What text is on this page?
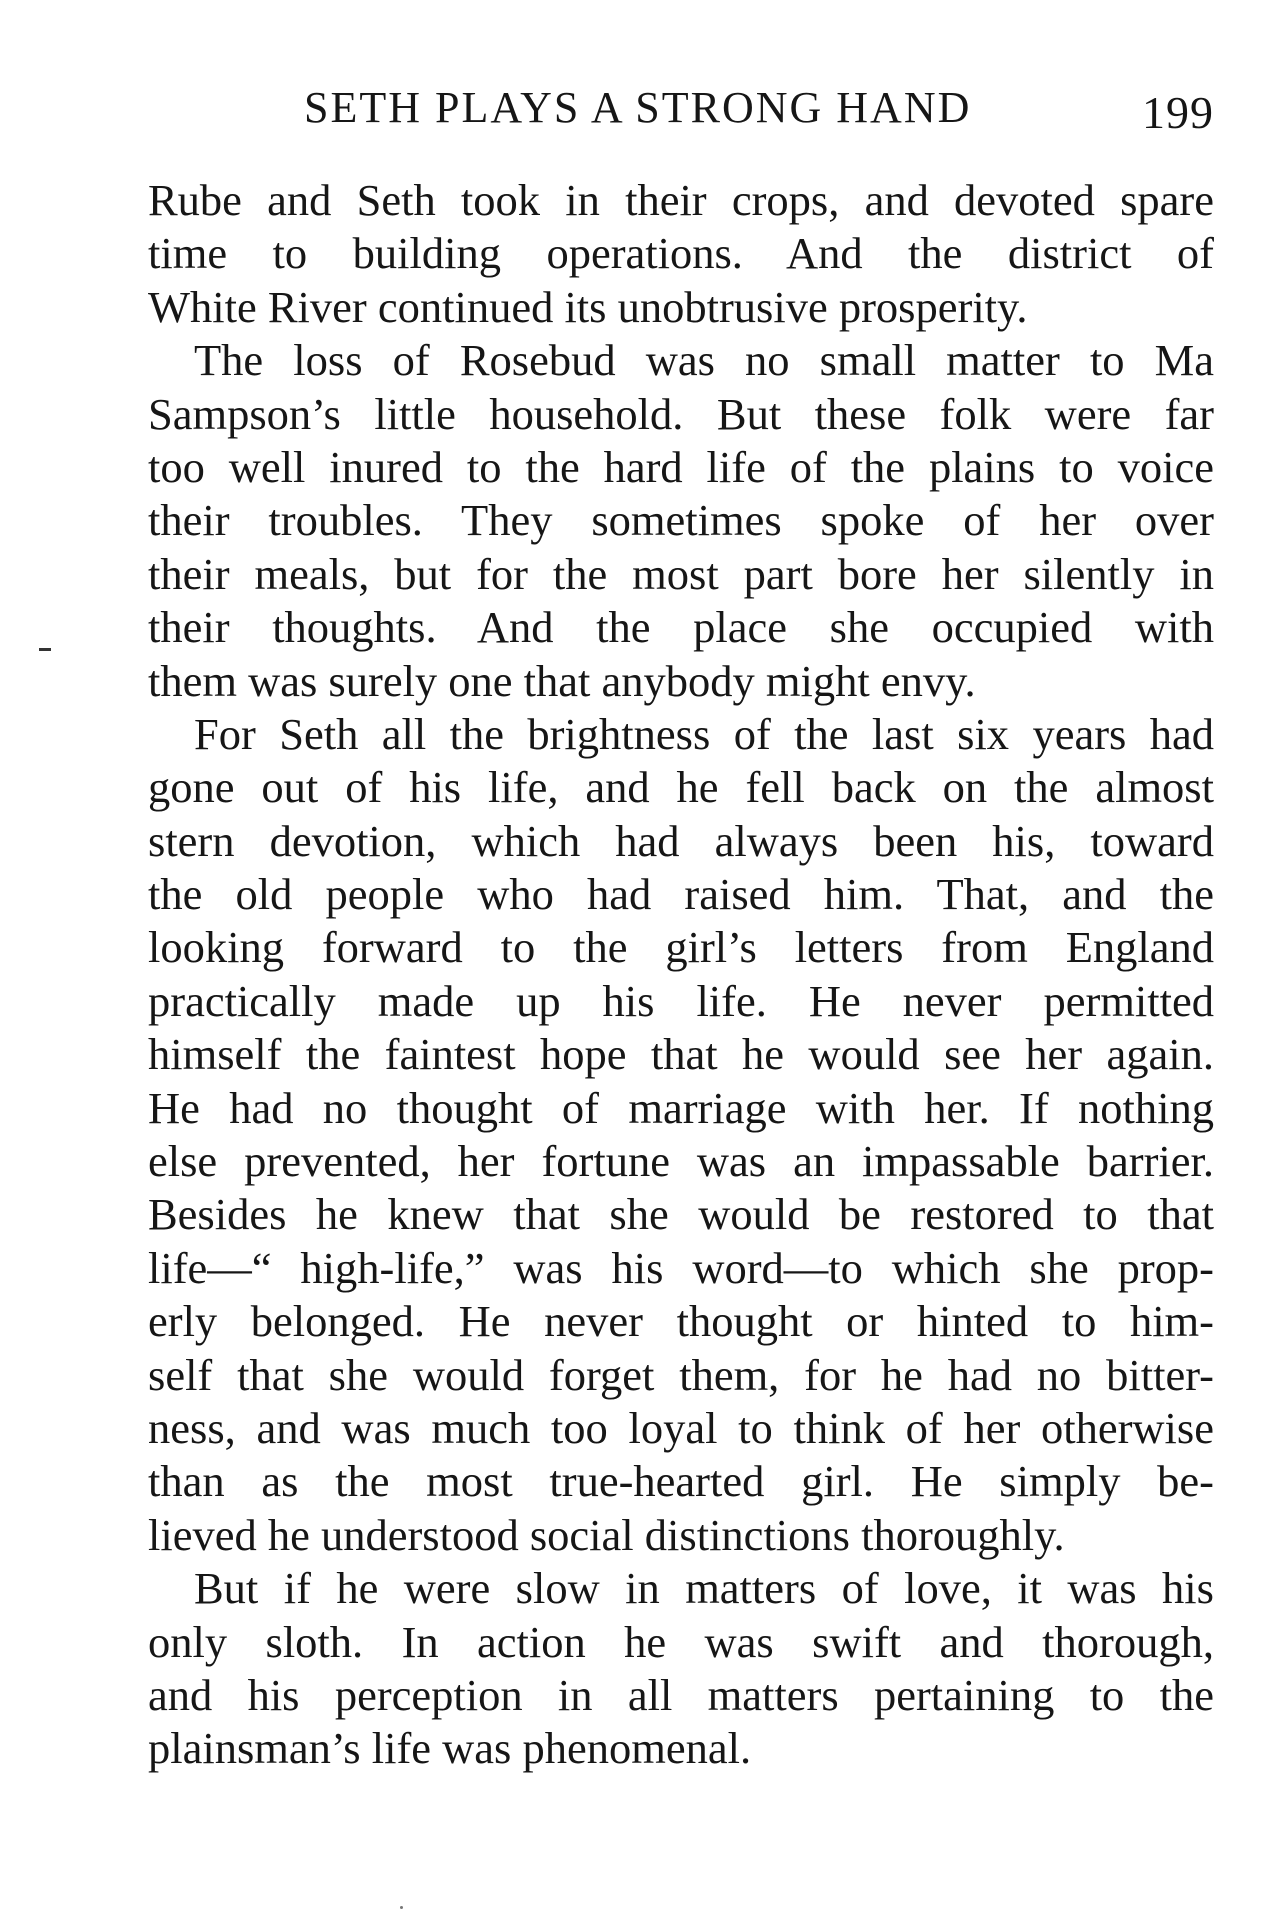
SETH PLAYS A STRONG HAND	199
Rube and Seth took in their crops, and devoted spare
time to building operations. And the district of
White River continued its unobtrusive prosperity.
The loss of Rosebud was no small matter to Ma
Sampson’s little household. But these folk were far
too well inured to the hard life of the plains to voice
their troubles. They sometimes spoke of her over
their meals, but for the most part bore her silently in
their thoughts. And the place she occupied with
them was surely one that anybody might envy.
For Seth all the brightness of the last six years had
gone out of his life, and he fell back on the almost
stern devotion, which had always been his, toward
the old people who had raised him. That, and the
looking forward to the girl’s letters from England
practically made up his life. He never permitted
himself the faintest hope that he would see her again.
He had no thought of marriage with her. If nothing
else prevented, her fortune was an impassable barrier.
Besides he knew that she would be restored to that
life—“ high-life,” was his word—to which she prop-
erly belonged. He never thought or hinted to him-
self that she would forget them, for he had no bitter-
ness, and was much too loyal to think of her otherwise
than as the most true-hearted girl. He simply be-
lieved he understood social distinctions thoroughly.
But if he were slow in matters of love, it was his
only sloth. In action he was swift and thorough,
and his perception in all matters pertaining to the
plainsman’s life was phenomenal.
